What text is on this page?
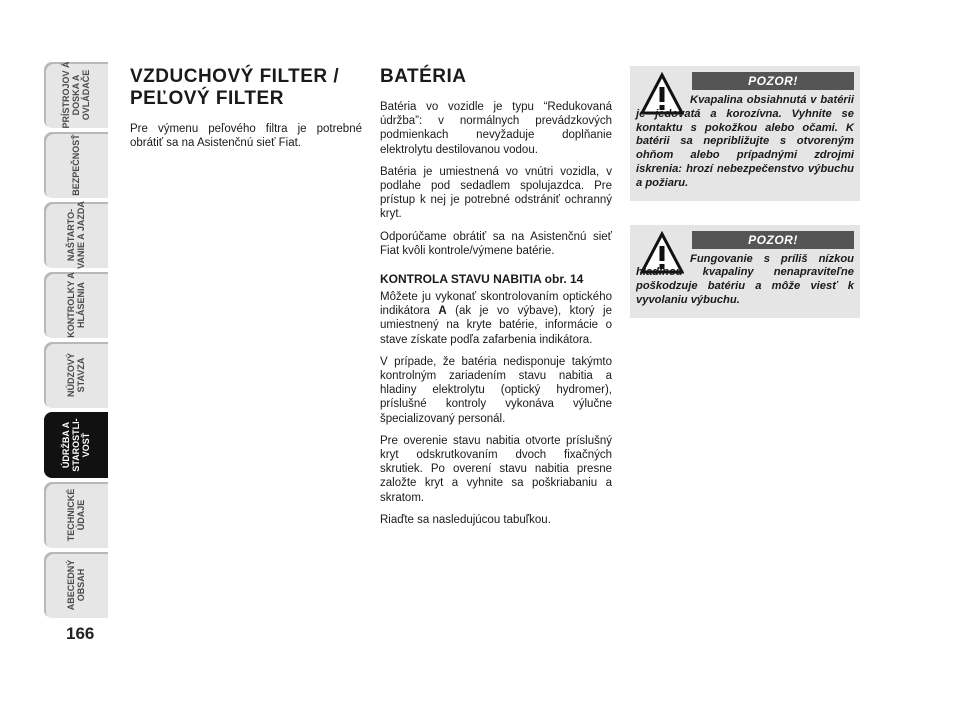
PRÍSTROJOV Á DOSKA A OVLÁDAČE
BEZPEČNOSŤ
NAŠTARTO- VANIE A JAZDA
KONTROLKY A HLÁSENIA
NÚDZOVÝ STAVZA
ÚDRŽBA A STAROSTLI- VOSŤ
TECHNICKÉ ÚDAJE
ABECEDNÝ OBSAH
166
VZDUCHOVÝ FILTER / PEĽOVÝ FILTER

Pre výmenu peľového filtra je potrebné obrátiť sa na Asistenčnú sieť Fiat.

BATÉRIA

Batéria vo vozidle je typu “Redukovaná údržba”: v normálnych prevádzkových podmienkach nevyžaduje doplňanie elektrolytu destilovanou vodou.

Batéria je umiestnená vo vnútri vozidla, v podlahe pod sedadlem spolujazdca. Pre prístup k nej je potrebné odstrániť ochranný kryt.

Odporúčame obrátiť sa na Asistenčnú sieť Fiat kvôli kontrole/výmene batérie.

KONTROLA STAVU NABITIA obr. 14

Môžete ju vykonať skontrolovaním optického indikátora A (ak je vo výbave), ktorý je umiestnený na kryte batérie, informácie o stave získate podľa zafarbenia indikátora.

V prípade, že batéria nedisponuje takýmto kontrolným zariadením stavu nabitia a hladiny elektrolytu (optický hydromer), príslušné kontroly vykonáva výlučne špecializovaný personál.

Pre overenie stavu nabitia otvorte príslušný kryt odskrutkovaním dvoch fixačných skrutiek. Po overení stavu nabitia presne založte kryt a vyhnite sa poškriabaniu a skratom.

Riaďte sa nasledujúcou tabuľkou.

POZOR!
Kvapalina obsiahnutá v batérii je jedovatá a korozívna. Vyhnite se kontaktu s pokožkou alebo očami. K batérii sa nepribližujte s otvoreným ohňom alebo prípadnými zdrojmi iskrenia: hrozí nebezpečenstvo výbuchu a požiaru.
POZOR!
Fungovanie s príliš nízkou hladinou kvapaliny nenapraviteľne poškodzuje batériu a môže viesť k vyvolaniu výbuchu.
